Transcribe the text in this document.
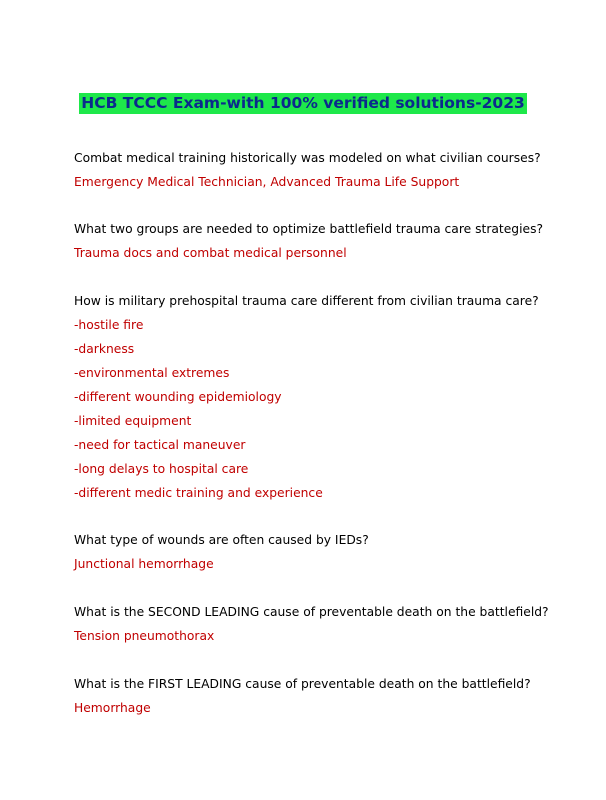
HCB TCCC Exam-with 100% verified solutions-2023

Combat medical training historically was modeled on what civilian courses?

Emergency Medical Technician, Advanced Trauma Life Support

What two groups are needed to optimize battlefield trauma care strategies?

Trauma docs and combat medical personnel

How is military prehospital trauma care different from civilian trauma care?

-hostile fire

-darkness

-environmental extremes

-different wounding epidemiology

-limited equipment

-need for tactical maneuver

-long delays to hospital care

-different medic training and experience

What type of wounds are often caused by IEDs?

Junctional hemorrhage

What is the SECOND LEADING cause of preventable death on the battlefield?

Tension pneumothorax

What is the FIRST LEADING cause of preventable death on the battlefield?

Hemorrhage
